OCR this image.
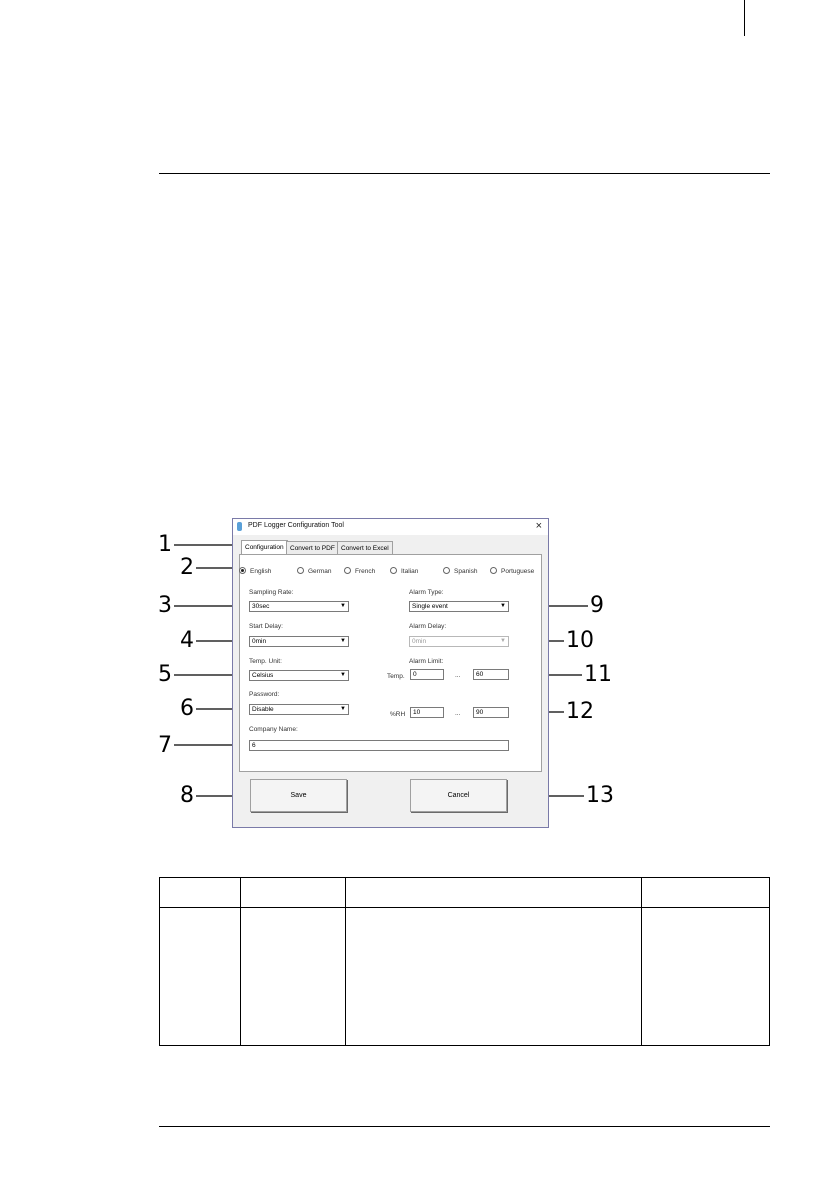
1
2
3
4
5
6
7
8
9
10
11
12
13
PDF Logger Configuration Tool	×
Configuration Convert to PDF Convert to Excel
English	German	French	Italian	Spanish	Portuguese
Sampling Rate:
30sec	▼
Start Delay:
0min	▼
Temp. Unit:
Celsius	▼
Password:
Disable	▼
Company Name:
6
Alarm Type:
Single event	▼
Alarm Delay:
0min	▼
Alarm Limit:
Temp.	0	...	60
%RH	10	...	90
Save	Cancel
